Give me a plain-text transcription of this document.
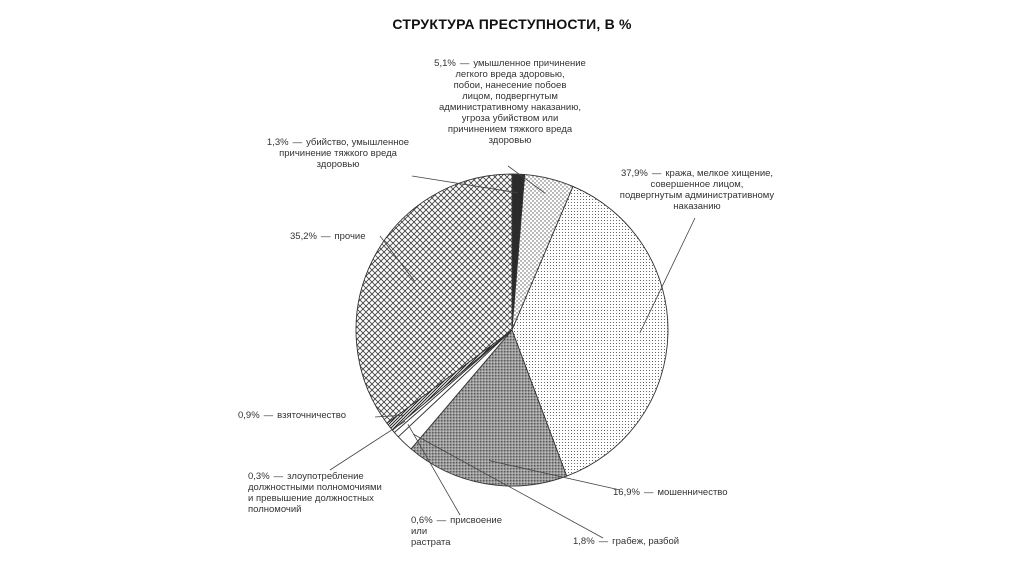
СТРУКТУРА ПРЕСТУПНОСТИ, В %
1,3% — убийство, умышленное
причинение тяжкого вреда
здоровью
5,1% — умышленное причинение
легкого вреда здоровью,
побои, нанесение побоев
лицом, подвергнутым
административному наказанию,
угроза убийством или
причинением тяжкого вреда
здоровью
37,9% — кража, мелкое хищение,
совершенное лицом,
подвергнутым административному
наказанию
16,9% — мошенничество
1,8% — грабеж, разбой
0,6% — присвоение или
растрата
0,3% — злоупотребление
должностными полномочиями
и превышение должностных
полномочий
0,9% — взяточничество
35,2% — прочие
